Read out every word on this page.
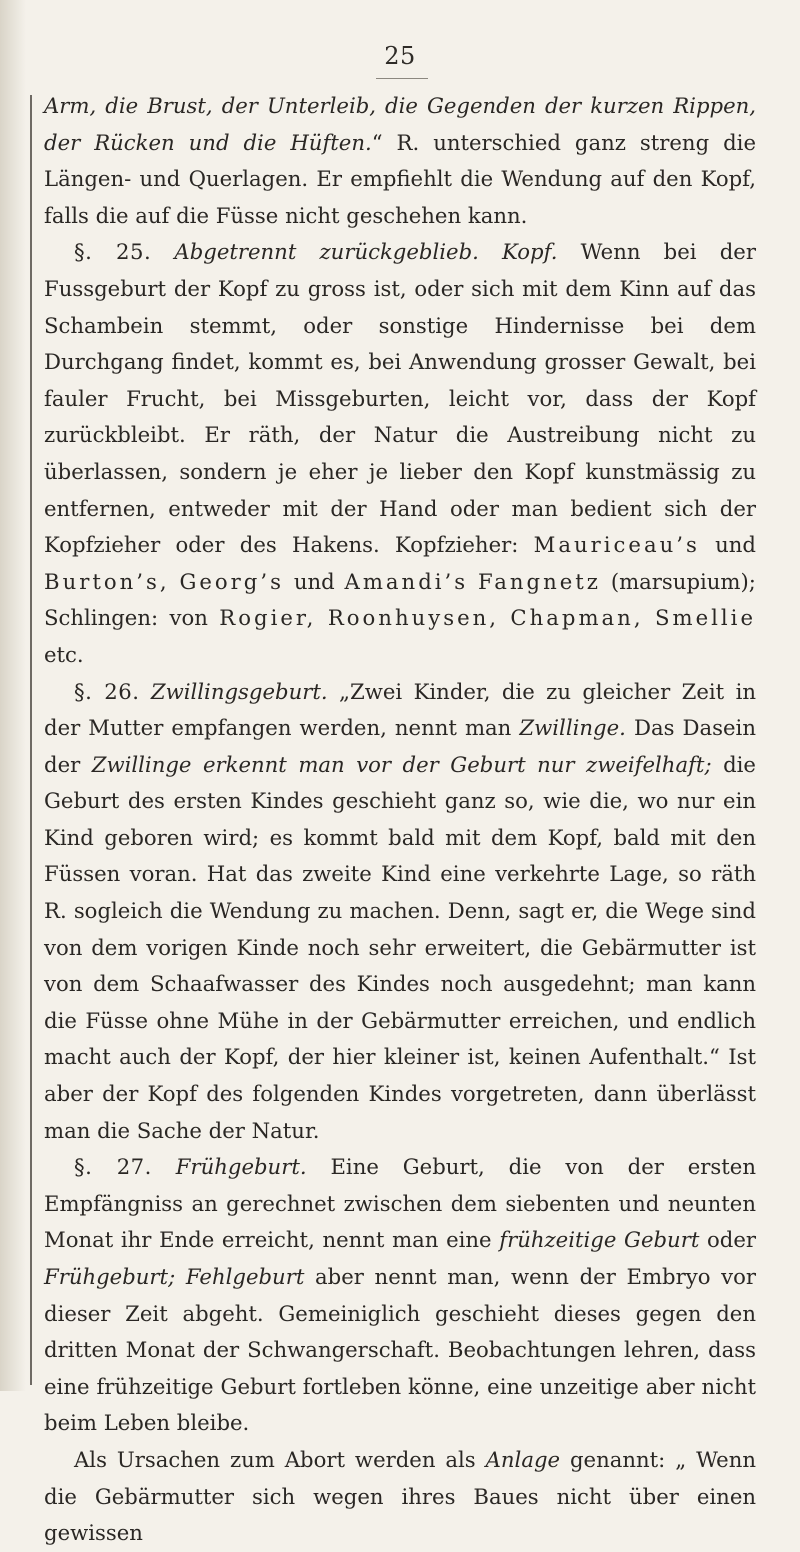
25

Arm, die Brust, der Unterleib, die Gegenden der kurzen Rippen, der Rücken und die Hüften.“ R. unterschied ganz streng die Längen- und Querlagen. Er empfiehlt die Wendung auf den Kopf, falls die auf die Füsse nicht geschehen kann.

§. 25. Abgetrennt zurückgeblieb. Kopf. Wenn bei der Fussgeburt der Kopf zu gross ist, oder sich mit dem Kinn auf das Schambein stemmt, oder sonstige Hindernisse bei dem Durchgang findet, kommt es, bei Anwendung grosser Gewalt, bei fauler Frucht, bei Missgeburten, leicht vor, dass der Kopf zurückbleibt. Er räth, der Natur die Austreibung nicht zu überlassen, sondern je eher je lieber den Kopf kunstmässig zu entfernen, entweder mit der Hand oder man bedient sich der Kopfzieher oder des Hakens. Kopfzieher: Mauriceau’s und Burton’s, Georg’s und Amandi’s Fangnetz (marsupium); Schlingen: von Rogier, Roonhuysen, Chapman, Smellie etc.

§. 26. Zwillingsgeburt. „Zwei Kinder, die zu gleicher Zeit in der Mutter empfangen werden, nennt man Zwillinge. Das Dasein der Zwillinge erkennt man vor der Geburt nur zweifelhaft; die Geburt des ersten Kindes geschieht ganz so, wie die, wo nur ein Kind geboren wird; es kommt bald mit dem Kopf, bald mit den Füssen voran. Hat das zweite Kind eine verkehrte Lage, so räth R. sogleich die Wendung zu machen. Denn, sagt er, die Wege sind von dem vorigen Kinde noch sehr erweitert, die Gebärmutter ist von dem Schaafwasser des Kindes noch ausgedehnt; man kann die Füsse ohne Mühe in der Gebärmutter erreichen, und endlich macht auch der Kopf, der hier kleiner ist, keinen Aufenthalt.“ Ist aber der Kopf des folgenden Kindes vorgetreten, dann überlässt man die Sache der Natur.

§. 27. Frühgeburt. Eine Geburt, die von der ersten Empfängniss an gerechnet zwischen dem siebenten und neunten Monat ihr Ende erreicht, nennt man eine frühzeitige Geburt oder Frühgeburt; Fehlgeburt aber nennt man, wenn der Embryo vor dieser Zeit abgeht. Gemeiniglich geschieht dieses gegen den dritten Monat der Schwangerschaft. Beobachtungen lehren, dass eine frühzeitige Geburt fortleben könne, eine unzeitige aber nicht beim Leben bleibe.

Als Ursachen zum Abort werden als Anlage genannt: „ Wenn die Gebärmutter sich wegen ihres Baues nicht über einen gewissen
